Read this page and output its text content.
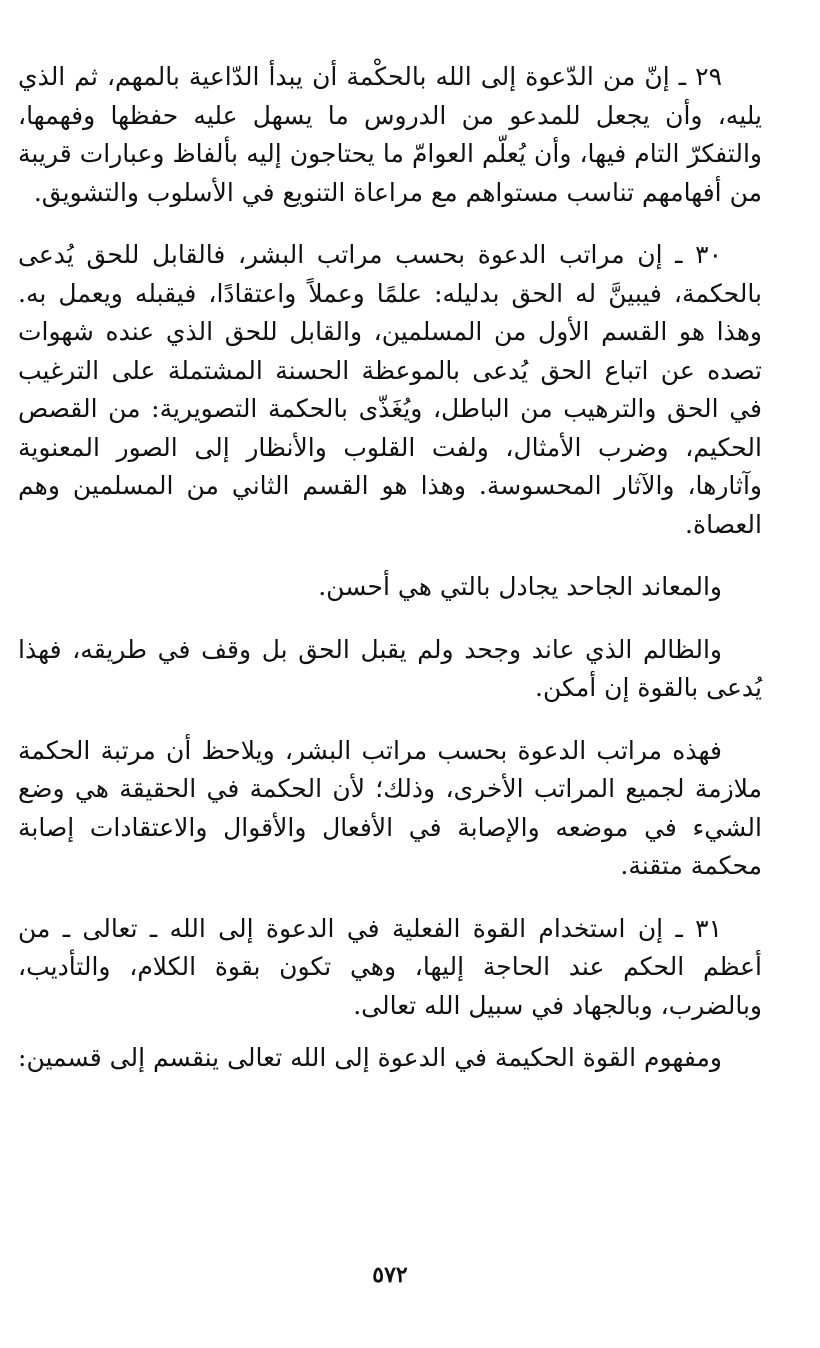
٢٩ ـ إنّ من الدّعوة إلى الله بالحكْمة أن يبدأ الدّاعية بالمهم، ثم الذي يليه، وأن يجعل للمدعو من الدروس ما يسهل عليه حفظها وفهمها، والتفكرّ التام فيها، وأن يُعلّم العوامّ ما يحتاجون إليه بألفاظ وعبارات قريبة من أفهامهم تناسب مستواهم مع مراعاة التنويع في الأسلوب والتشويق.

٣٠ ـ إن مراتب الدعوة بحسب مراتب البشر، فالقابل للحق يُدعى بالحكمة، فيبينَّ له الحق بدليله: علمًا وعملاً واعتقادًا، فيقبله ويعمل به. وهذا هو القسم الأول من المسلمين، والقابل للحق الذي عنده شهوات تصده عن اتباع الحق يُدعى بالموعظة الحسنة المشتملة على الترغيب في الحق والترهيب من الباطل، ويُغَذّى بالحكمة التصويرية: من القصص الحكيم، وضرب الأمثال، ولفت القلوب والأنظار إلى الصور المعنوية وآثارها، والآثار المحسوسة. وهذا هو القسم الثاني من المسلمين وهم العصاة.

والمعاند الجاحد يجادل بالتي هي أحسن.

والظالم الذي عاند وجحد ولم يقبل الحق بل وقف في طريقه، فهذا يُدعى بالقوة إن أمكن.

فهذه مراتب الدعوة بحسب مراتب البشر، ويلاحظ أن مرتبة الحكمة ملازمة لجميع المراتب الأخرى، وذلك؛ لأن الحكمة في الحقيقة هي وضع الشيء في موضعه والإصابة في الأفعال والأقوال والاعتقادات إصابة محكمة متقنة.

٣١ ـ إن استخدام القوة الفعلية في الدعوة إلى الله ـ تعالى ـ من أعظم الحكم عند الحاجة إليها، وهي تكون بقوة الكلام، والتأديب، وبالضرب، وبالجهاد في سبيل الله تعالى.

ومفهوم القوة الحكيمة في الدعوة إلى الله تعالى ينقسم إلى قسمين:

٥٧٢
